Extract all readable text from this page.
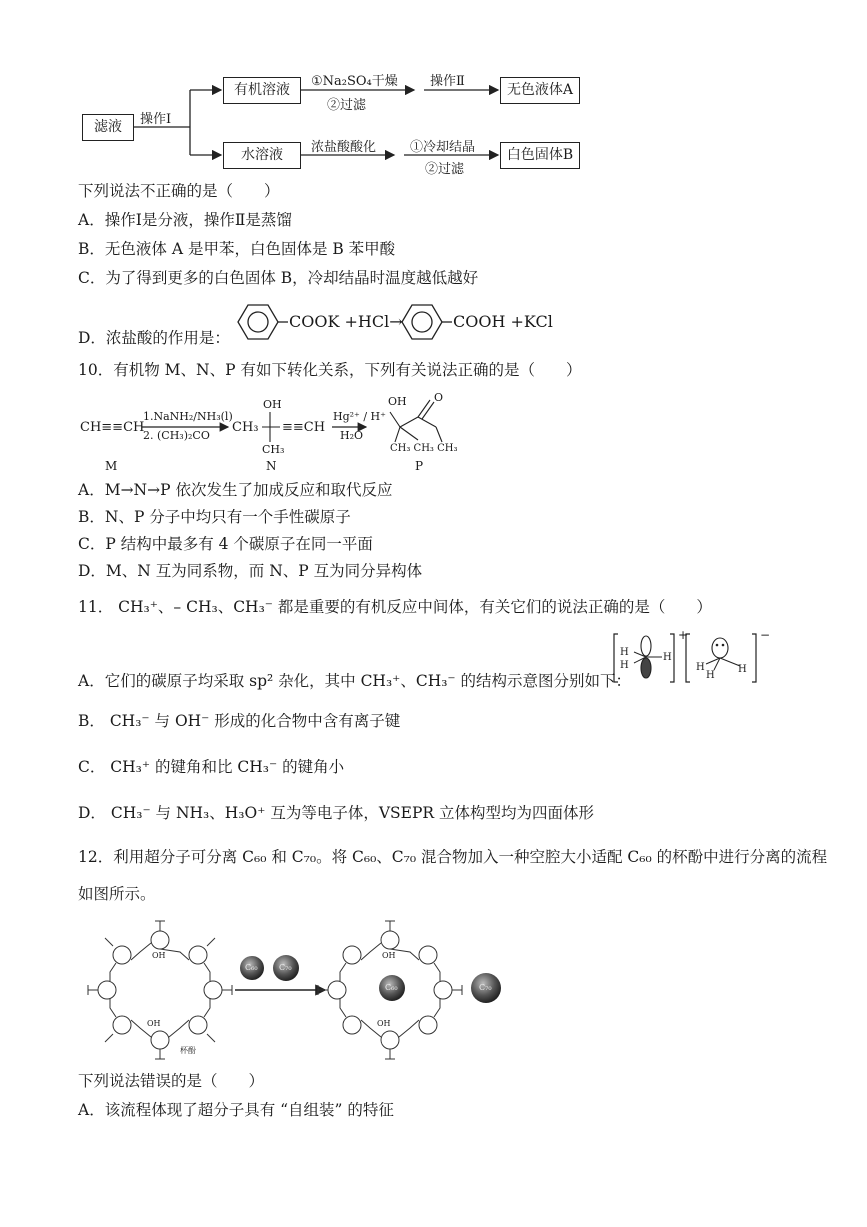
滤液
有机溶液	无色液体A
水溶液	白色固体B
操作Ⅰ
①Na₂SO₄干燥
②过滤
操作Ⅱ
浓盐酸酸化	①冷却结晶
②过滤
下列说法不正确的是（　　）
A．操作Ⅰ是分液，操作Ⅱ是蒸馏
B．无色液体 A 是甲苯，白色固体是 B 苯甲酸
C．为了得到更多的白色固体 B，冷却结晶时温度越低越好
D．浓盐酸的作用是：
COOK +HCl→	COOH +KCl
10．有机物 M、N、P 有如下转化关系，下列有关说法正确的是（　　）
CH≡≡CH
1.NaNH₂/NH₃(l)
2. (CH₃)₂CO
Hg²⁺ / H⁺
H₂O
OH
CH₃ ≡≡CH
CH₃
OH O
CH₃ CH₃ CH₃
M	N	P
A．M→N→P 依次发生了加成反应和取代反应
B．N、P 分子中均只有一个手性碳原子
C．P 结构中最多有 4 个碳原子在同一平面
D．M、N 互为同系物，而 N、P 互为同分异构体
11． CH₃⁺、– CH₃、CH₃⁻ 都是重要的有机反应中间体，有关它们的说法正确的是（　　）
A．它们的碳原子均采取 sp² 杂化，其中 CH₃⁺、CH₃⁻ 的结构示意图分别如下：
H
H
H
H
H
H
+	−
B． CH₃⁻ 与 OH⁻ 形成的化合物中含有离子键
C． CH₃⁺ 的键角和比 CH₃⁻ 的键角小
D． CH₃⁻ 与 NH₃、H₃O⁺ 互为等电子体，VSEPR 立体构型均为四面体形
12．利用超分子可分离 C₆₀ 和 C₇₀。将 C₆₀、C₇₀ 混合物加入一种空腔大小适配 C₆₀ 的杯酚中进行分离的流程
如图所示。
OH
OH
OH
OH
杯酚
C₆₀	C₇₀
C₆₀	C₇₀
下列说法错误的是（　　）
A．该流程体现了超分子具有 “自组装” 的特征
